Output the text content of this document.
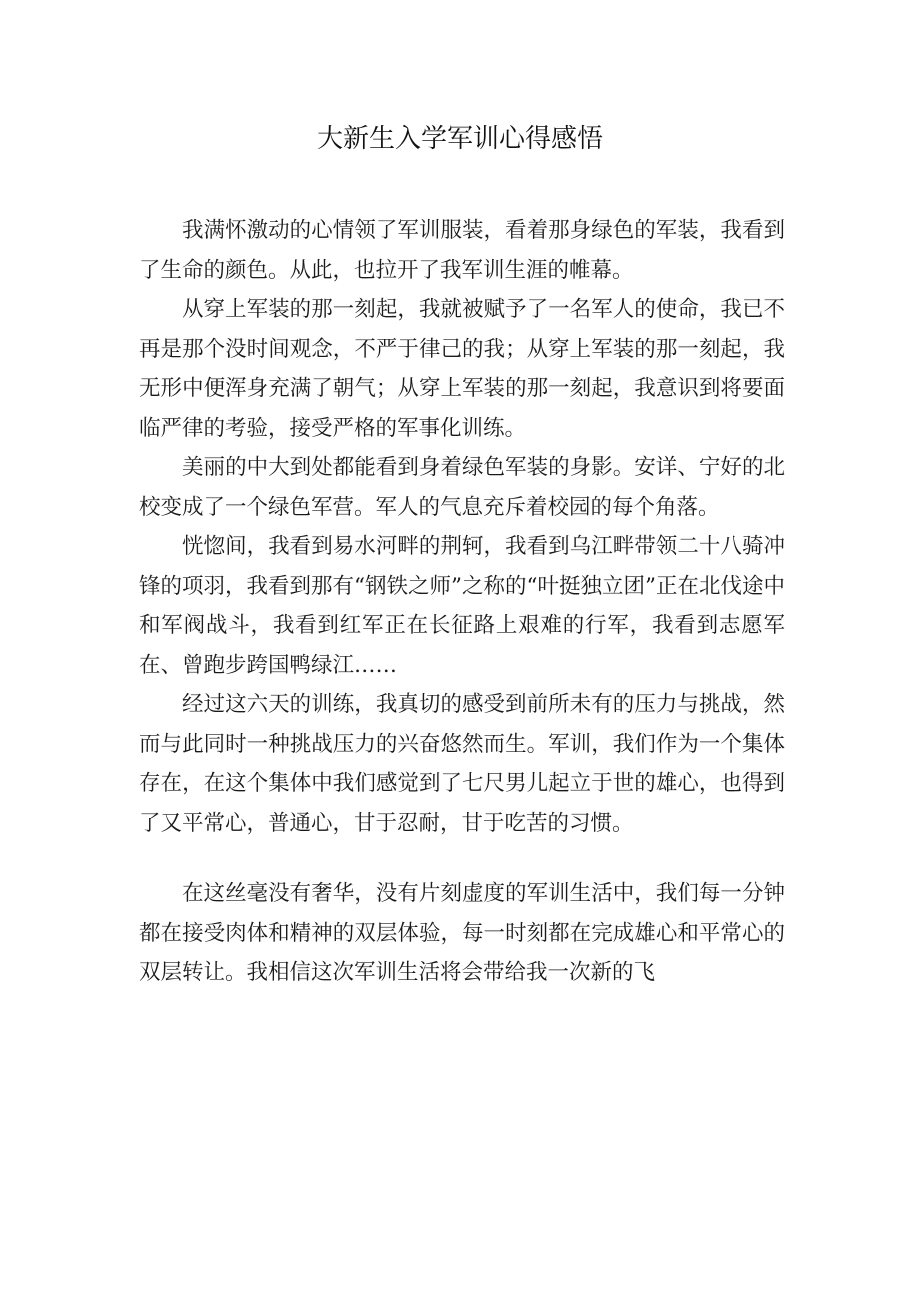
大新生入学军训心得感悟

我满怀激动的心情领了军训服装，看着那身绿色的军装，我看到了生命的颜色。从此，也拉开了我军训生涯的帷幕。

从穿上军装的那一刻起，我就被赋予了一名军人的使命，我已不再是那个没时间观念，不严于律己的我；从穿上军装的那一刻起，我无形中便浑身充满了朝气；从穿上军装的那一刻起，我意识到将要面临严律的考验，接受严格的军事化训练。

美丽的中大到处都能看到身着绿色军装的身影。安详、宁好的北校变成了一个绿色军营。军人的气息充斥着校园的每个角落。

恍惚间，我看到易水河畔的荆轲，我看到乌江畔带领二十八骑冲锋的项羽，我看到那有“钢铁之师”之称的“叶挺独立团”正在北伐途中和军阀战斗，我看到红军正在长征路上艰难的行军，我看到志愿军在、曾跑步跨国鸭绿江……

经过这六天的训练，我真切的感受到前所未有的压力与挑战，然而与此同时一种挑战压力的兴奋悠然而生。军训，我们作为一个集体存在，在这个集体中我们感觉到了七尺男儿起立于世的雄心，也得到了又平常心，普通心，甘于忍耐，甘于吃苦的习惯。

在这丝毫没有奢华，没有片刻虚度的军训生活中，我们每一分钟都在接受肉体和精神的双层体验，每一时刻都在完成雄心和平常心的双层转让。我相信这次军训生活将会带给我一次新的飞
